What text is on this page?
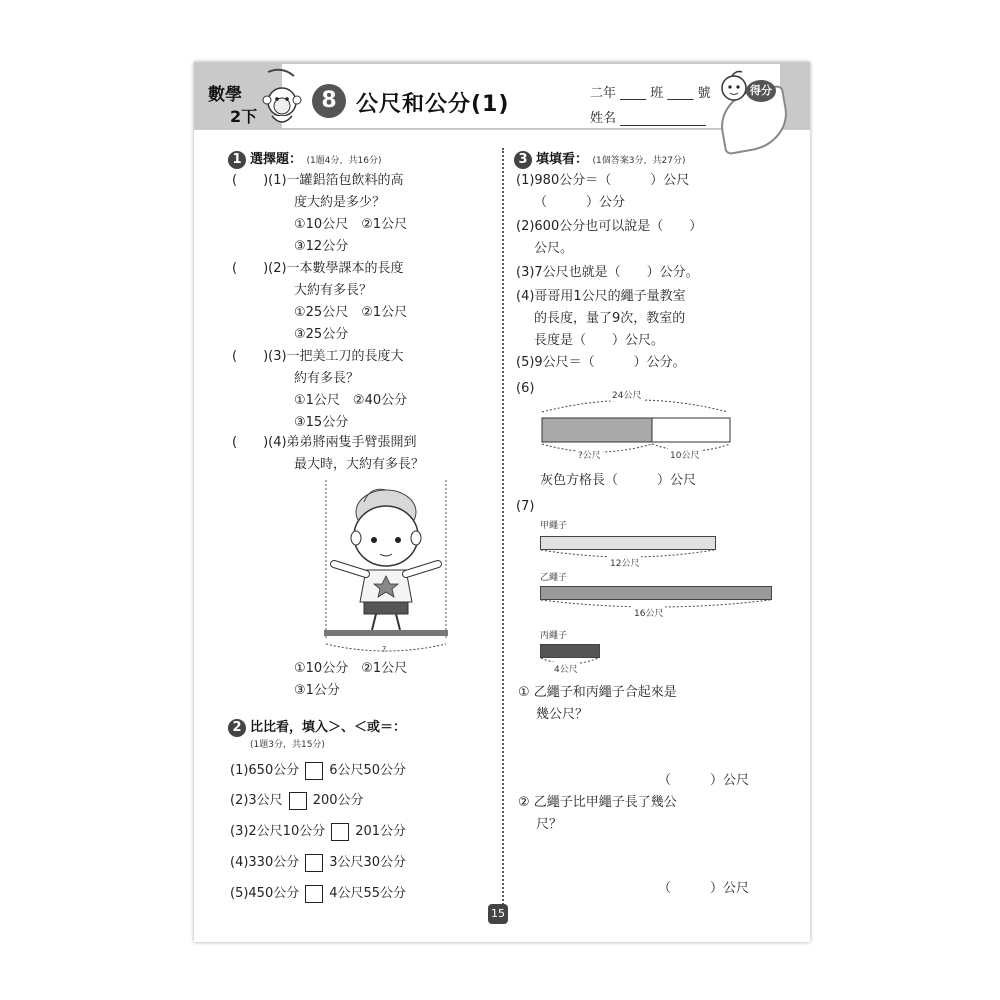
數學
2下
8 公尺和公分(1)	二年 ____ 班 ____ 號
姓名
得分
1 選擇題： (1題4分，共16分)
(　　)(1)一罐鋁箔包飲料的高
度大約是多少？
①10公尺　②1公尺
③12公分
(　　)(2)一本數學課本的長度
大約有多長？
①25公尺　②1公尺
③25公分
(　　)(3)一把美工刀的長度大
約有多長？
①1公尺　②40公分
③15公分
(　　)(4)弟弟將兩隻手臂張開到
最大時，大約有多長？
?
①10公分　②1公尺
③1公分
2 比比看，填入＞、＜或＝：
(1題3分，共15分)
(1)650公分 6公尺50公分
(2)3公尺 200公分
(3)2公尺10公分 201公分
(4)330公分 3公尺30公分
(5)450公分 4公尺55公分
3 填填看： (1個答案3分，共27分)
(1)980公分＝（　　　）公尺
（　　　）公分
(2)600公分也可以說是（　　）
公尺。
(3)7公尺也就是（　　）公分。
(4)哥哥用1公尺的繩子量教室
的長度，量了9次，教室的
長度是（　　）公尺。
(5)9公尺＝（　　　）公分。
(6)	24公尺
?公尺	10公尺
灰色方格長（　　　）公尺
(7)
甲繩子
12公尺
乙繩子
16公尺
丙繩子
4公尺
① 乙繩子和丙繩子合起來是
幾公尺？
（　　　）公尺
② 乙繩子比甲繩子長了幾公
尺？
（　　　）公尺
15
